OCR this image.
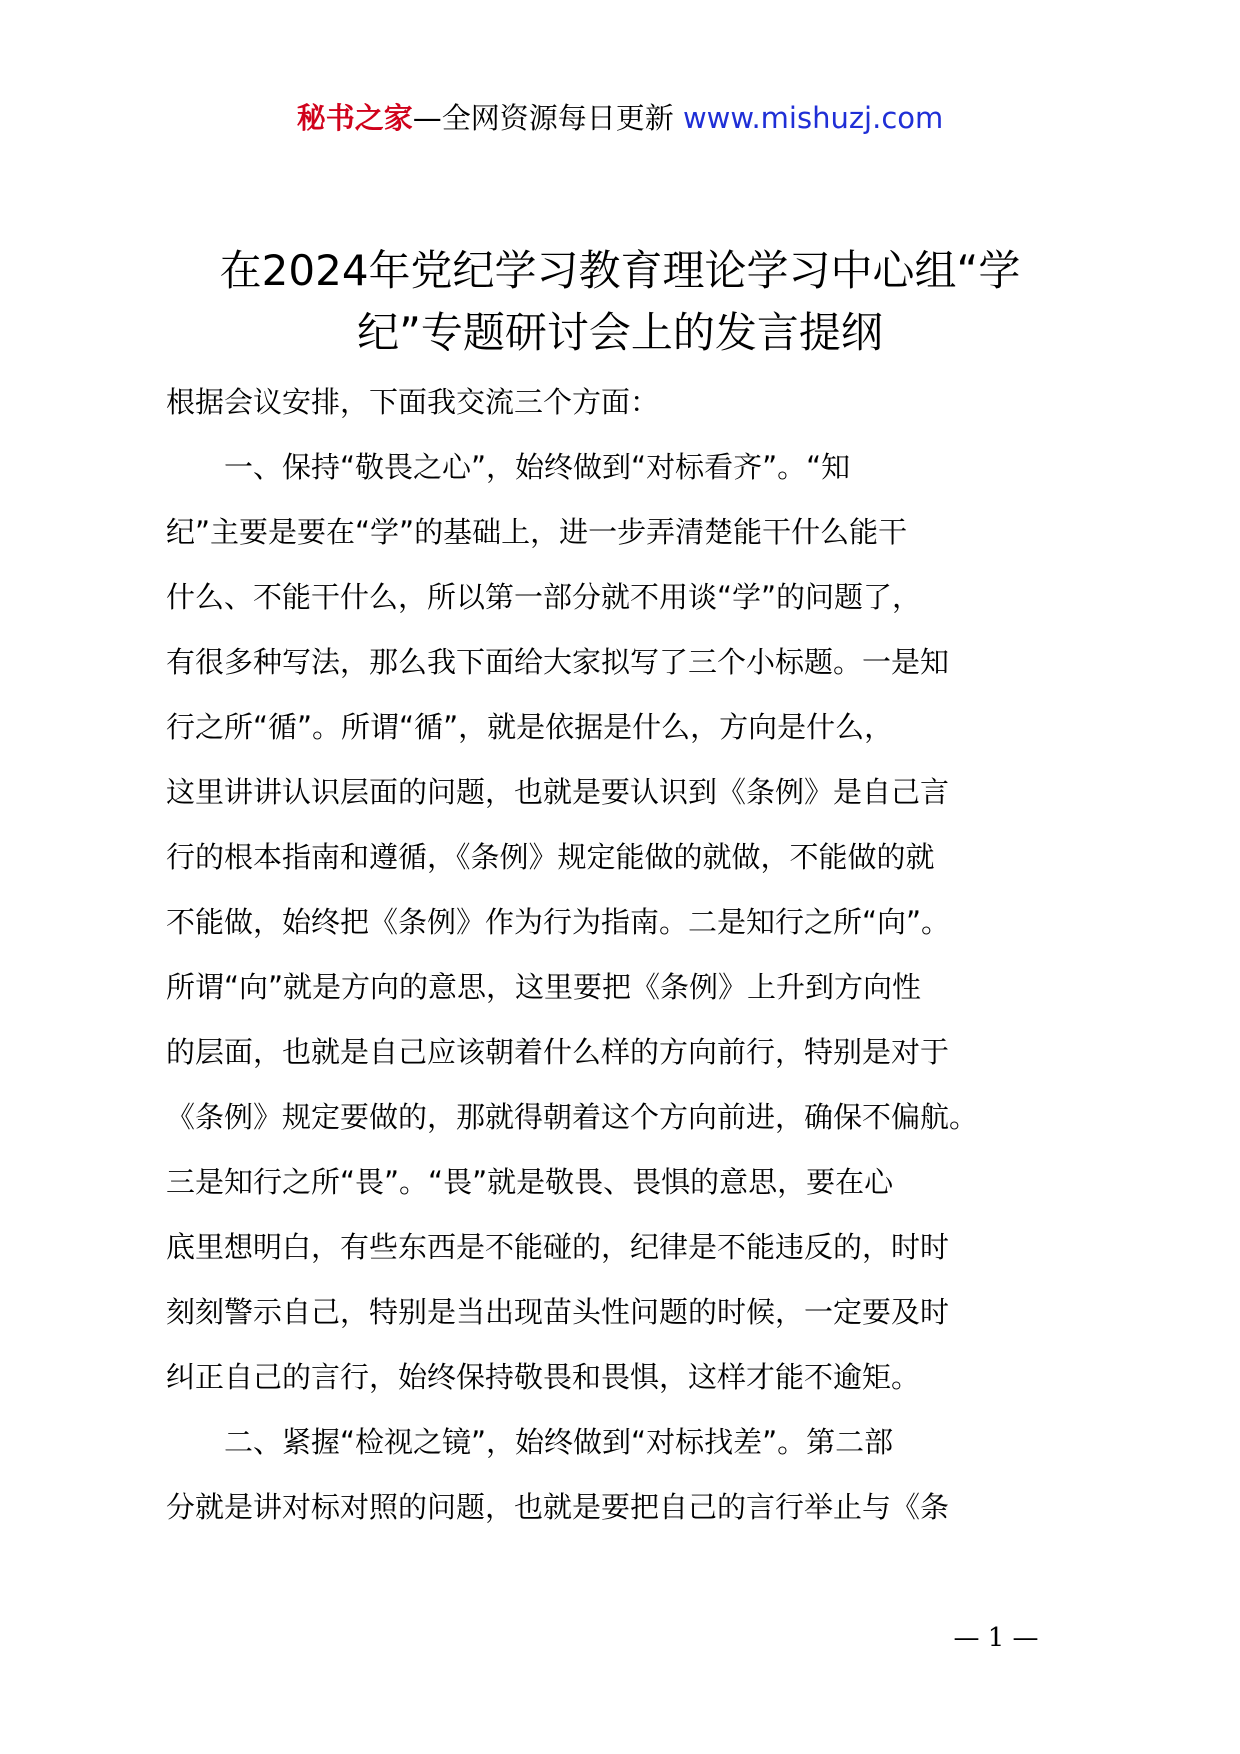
秘书之家—全网资源每日更新 www.mishuzj.com
在2024年党纪学习教育理论学习中心组“学
纪”专题研讨会上的发言提纲
根据会议安排，下面我交流三个方面：
　　一、保持“敬畏之心”，始终做到“对标看齐”。“知
纪”主要是要在“学”的基础上，进一步弄清楚能干什么能干
什么、不能干什么，所以第一部分就不用谈“学”的问题了，
有很多种写法，那么我下面给大家拟写了三个小标题。一是知
行之所“循”。所谓“循”，就是依据是什么，方向是什么，
这里讲讲认识层面的问题，也就是要认识到《条例》是自己言
行的根本指南和遵循，《条例》规定能做的就做，不能做的就
不能做，始终把《条例》作为行为指南。二是知行之所“向”。
所谓“向”就是方向的意思，这里要把《条例》上升到方向性
的层面，也就是自己应该朝着什么样的方向前行，特别是对于
《条例》规定要做的，那就得朝着这个方向前进，确保不偏航。
三是知行之所“畏”。“畏”就是敬畏、畏惧的意思，要在心
底里想明白，有些东西是不能碰的，纪律是不能违反的，时时
刻刻警示自己，特别是当出现苗头性问题的时候，一定要及时
纠正自己的言行，始终保持敬畏和畏惧，这样才能不逾矩。
　　二、紧握“检视之镜”，始终做到“对标找差”。第二部
分就是讲对标对照的问题，也就是要把自己的言行举止与《条
— 1 —
